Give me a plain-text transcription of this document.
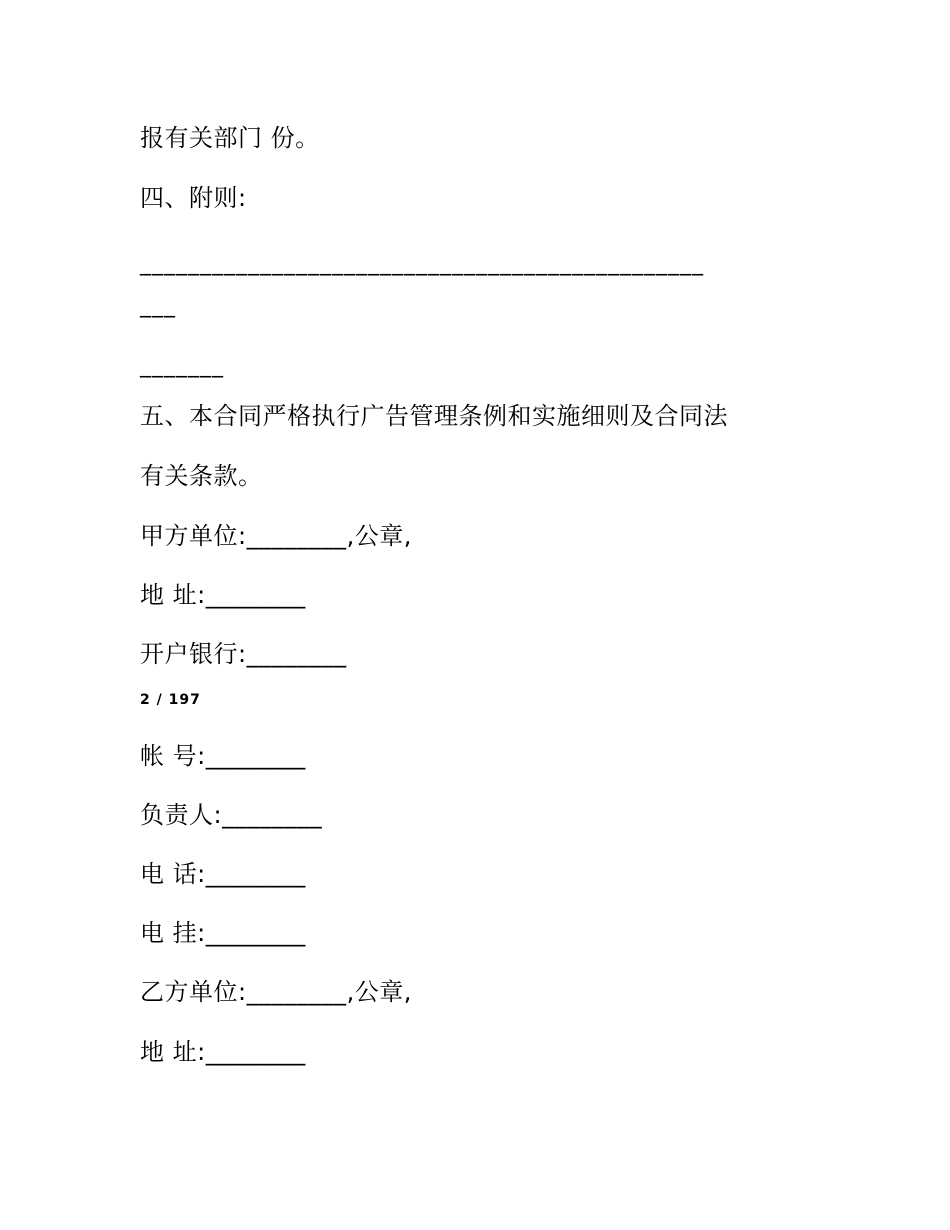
报有关部门 份。
四、附则:
_______________________________________________
___
_______
五、本合同严格执行广告管理条例和实施细则及合同法
有关条款。
甲方单位:________,公章,
地 址:________
开户银行:________
2 / 197
帐 号:________
负责人:________
电 话:________
电 挂:________
乙方单位:________,公章,
地 址:________
